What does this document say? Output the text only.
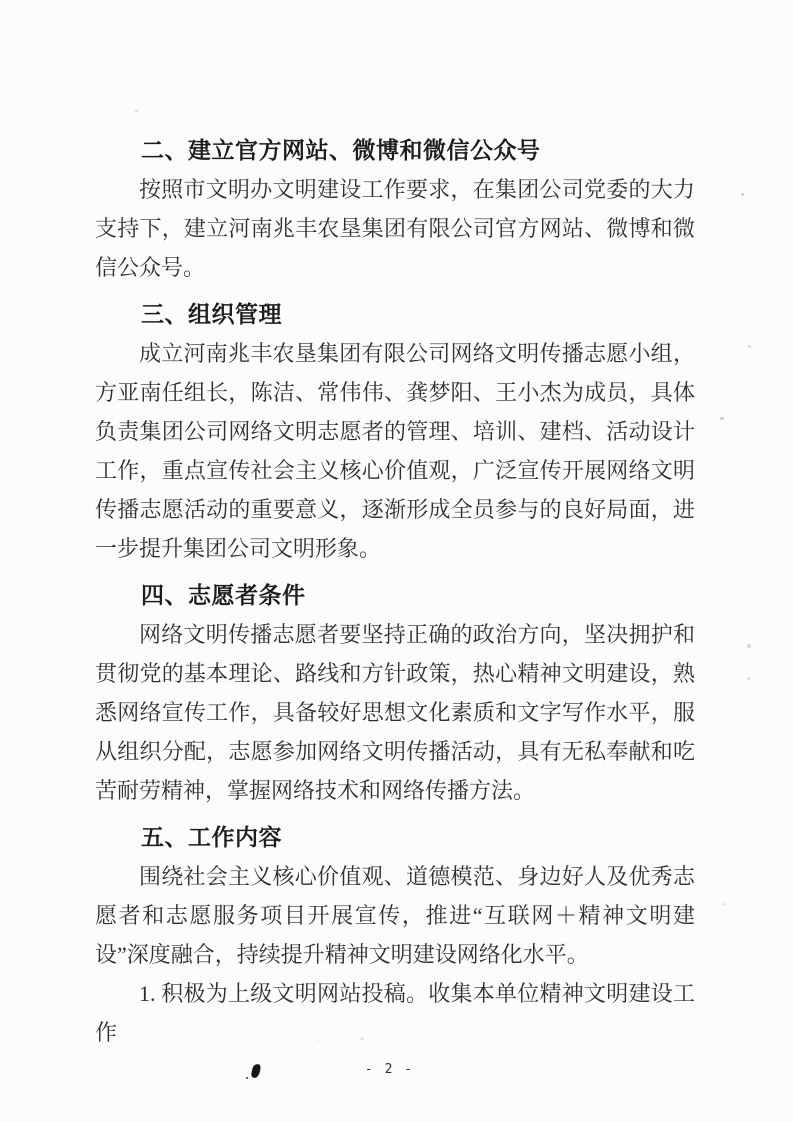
二、建立官方网站、微博和微信公众号

按照市文明办文明建设工作要求，在集团公司党委的大力支持下，建立河南兆丰农垦集团有限公司官方网站、微博和微信公众号。

三、组织管理

成立河南兆丰农垦集团有限公司网络文明传播志愿小组，方亚南任组长，陈洁、常伟伟、龚梦阳、王小杰为成员，具体负责集团公司网络文明志愿者的管理、培训、建档、活动设计工作，重点宣传社会主义核心价值观，广泛宣传开展网络文明传播志愿活动的重要意义，逐渐形成全员参与的良好局面，进一步提升集团公司文明形象。

四、志愿者条件

网络文明传播志愿者要坚持正确的政治方向，坚决拥护和贯彻党的基本理论、路线和方针政策，热心精神文明建设，熟悉网络宣传工作，具备较好思想文化素质和文字写作水平，服从组织分配，志愿参加网络文明传播活动，具有无私奉献和吃苦耐劳精神，掌握网络技术和网络传播方法。

五、工作内容

围绕社会主义核心价值观、道德模范、身边好人及优秀志愿者和志愿服务项目开展宣传，推进“互联网＋精神文明建设”深度融合，持续提升精神文明建设网络化水平。

1. 积极为上级文明网站投稿。收集本单位精神文明建设工作

- 2 -
